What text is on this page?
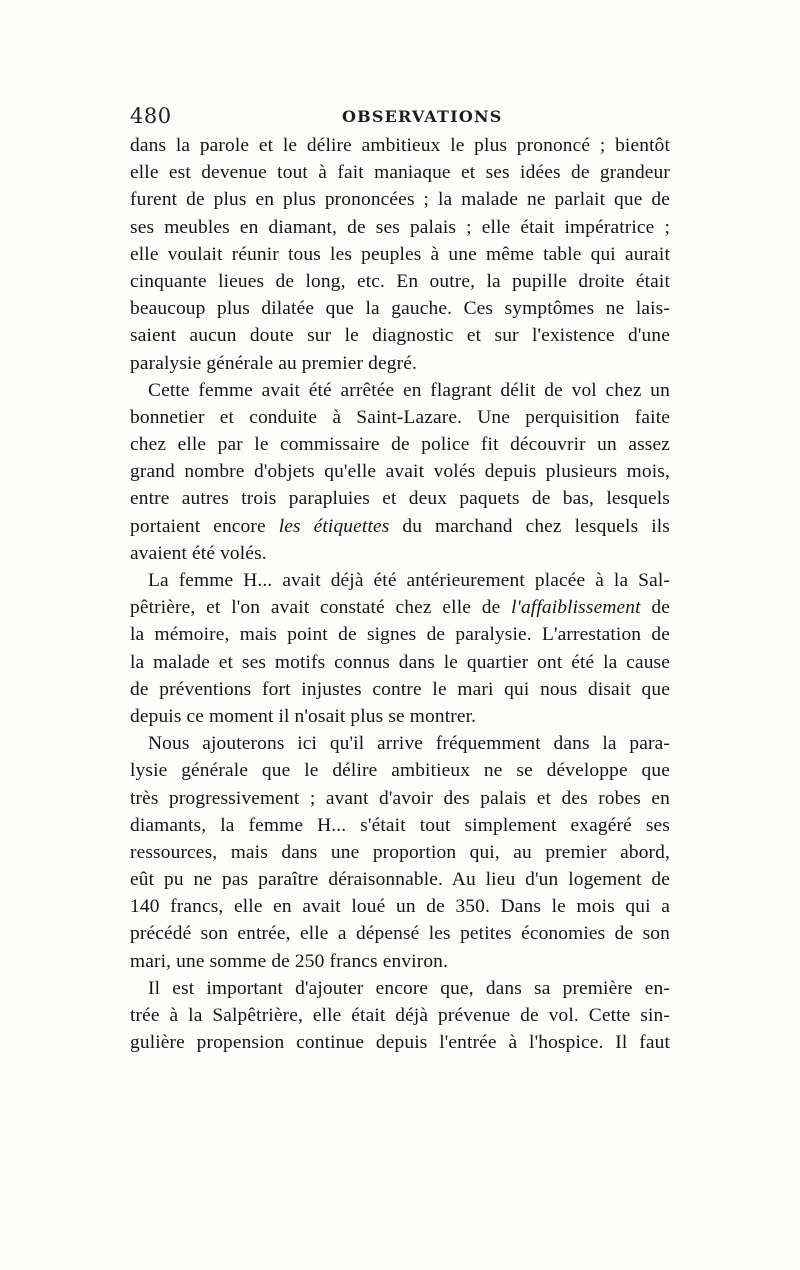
480	OBSERVATIONS
dans la parole et le délire ambitieux le plus prononcé ; bientôt
elle est devenue tout à fait maniaque et ses idées de grandeur
furent de plus en plus prononcées ; la malade ne parlait que de
ses meubles en diamant, de ses palais ; elle était impératrice ;
elle voulait réunir tous les peuples à une même table qui aurait
cinquante lieues de long, etc. En outre, la pupille droite était
beaucoup plus dilatée que la gauche. Ces symptômes ne lais-
saient aucun doute sur le diagnostic et sur l'existence d'une
paralysie générale au premier degré.
Cette femme avait été arrêtée en flagrant délit de vol chez un
bonnetier et conduite à Saint-Lazare. Une perquisition faite
chez elle par le commissaire de police fit découvrir un assez
grand nombre d'objets qu'elle avait volés depuis plusieurs mois,
entre autres trois parapluies et deux paquets de bas, lesquels
portaient encore les étiquettes du marchand chez lesquels ils
avaient été volés.
La femme H... avait déjà été antérieurement placée à la Sal-
pêtrière, et l'on avait constaté chez elle de l'affaiblissement de
la mémoire, mais point de signes de paralysie. L'arrestation de
la malade et ses motifs connus dans le quartier ont été la cause
de préventions fort injustes contre le mari qui nous disait que
depuis ce moment il n'osait plus se montrer.
Nous ajouterons ici qu'il arrive fréquemment dans la para-
lysie générale que le délire ambitieux ne se développe que
très progressivement ; avant d'avoir des palais et des robes en
diamants, la femme H... s'était tout simplement exagéré ses
ressources, mais dans une proportion qui, au premier abord,
eût pu ne pas paraître déraisonnable. Au lieu d'un logement de
140 francs, elle en avait loué un de 350. Dans le mois qui a
précédé son entrée, elle a dépensé les petites économies de son
mari, une somme de 250 francs environ.
Il est important d'ajouter encore que, dans sa première en-
trée à la Salpêtrière, elle était déjà prévenue de vol. Cette sin-
gulière propension continue depuis l'entrée à l'hospice. Il faut
